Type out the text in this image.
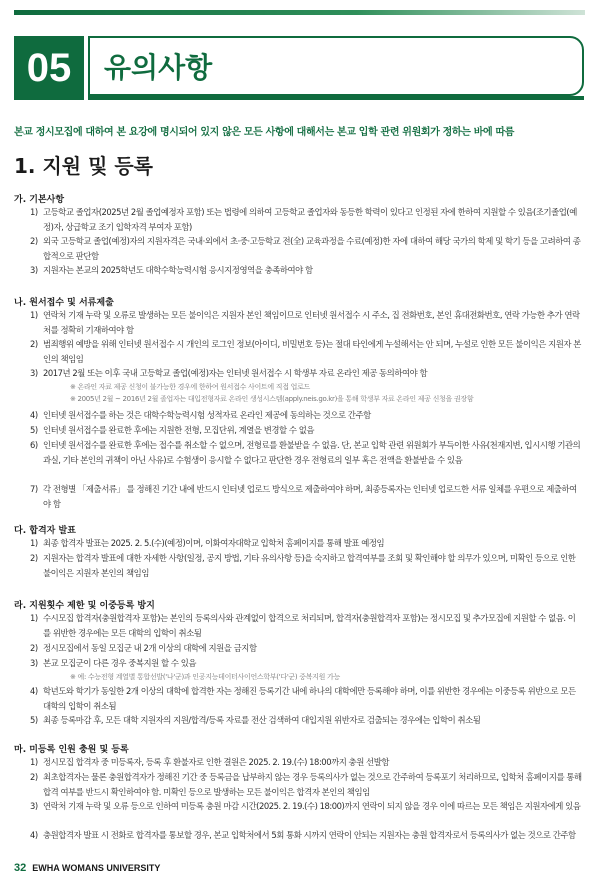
05	유의사항
본교 정시모집에 대하여 본 요강에 명시되어 있지 않은 모든 사항에 대해서는 본교 입학 관련 위원회가 정하는 바에 따름
1. 지원 및 등록
가. 기본사항
1) 고등학교 졸업자(2025년 2월 졸업예정자 포함) 또는 법령에 의하여 고등학교 졸업자와 동등한 학력이 있다고 인정된 자에 한하여 지원할 수 있음(조기졸업(예정)자, 상급학교 조기 입학자격 부여자 포함)
2) 외국 고등학교 졸업(예정)자의 지원자격은 국내·외에서 초·중·고등학교 전(全) 교육과정을 수료(예정)한 자에 대하여 해당 국가의 학제 및 학기 등을 고려하여 종합적으로 판단함
3) 지원자는 본교의 2025학년도 대학수학능력시험 응시지정영역을 충족하여야 함
나. 원서접수 및 서류제출
1) 연락처 기재 누락 및 오류로 발생하는 모든 불이익은 지원자 본인 책임이므로 인터넷 원서접수 시 주소, 집 전화번호, 본인 휴대전화번호, 연락 가능한 추가 연락처를 정확히 기재하여야 함
2) 범죄행위 예방을 위해 인터넷 원서접수 시 개인의 로그인 정보(아이디, 비밀번호 등)는 절대 타인에게 누설해서는 안 되며, 누설로 인한 모든 불이익은 지원자 본인의 책임임
3) 2017년 2월 또는 이후 국내 고등학교 졸업(예정)자는 인터넷 원서접수 시 학생부 자료 온라인 제공 동의하여야 함
※ 온라인 자료 제공 신청이 불가능한 경우에 한하여 원서접수 사이트에 직접 업로드
※ 2005년 2월 ~ 2016년 2월 졸업자는 대입전형자료 온라인 생성시스템(apply.neis.go.kr)을 통해 학생부 자료 온라인 제공 신청을 권장함
4) 인터넷 원서접수를 하는 것은 대학수학능력시험 성적자료 온라인 제공에 동의하는 것으로 간주함
5) 인터넷 원서접수를 완료한 후에는 지원한 전형, 모집단위, 계열을 변경할 수 없음
6) 인터넷 원서접수를 완료한 후에는 접수를 취소할 수 없으며, 전형료를 환불받을 수 없음. 단, 본교 입학 관련 위원회가 부득이한 사유(천재지변, 입시시행 기관의 과실, 기타 본인의 귀책이 아닌 사유)로 수험생이 응시할 수 없다고 판단한 경우 전형료의 일부 혹은 전액을 환불받을 수 있음
7) 각 전형별 「제출서류」 를 정해진 기간 내에 반드시 인터넷 업로드 방식으로 제출하여야 하며, 최종등록자는 인터넷 업로드한 서류 일체를 우편으로 제출하여야 함
다. 합격자 발표
1) 최종 합격자 발표는 2025. 2. 5.(수)(예정)이며, 이화여자대학교 입학처 홈페이지를 통해 발표 예정임
2) 지원자는 합격자 발표에 대한 자세한 사항(일정, 공지 방법, 기타 유의사항 등)을 숙지하고 합격여부를 조회 및 확인해야 할 의무가 있으며, 미확인 등으로 인한 불이익은 지원자 본인의 책임임
라. 지원횟수 제한 및 이중등록 방지
1) 수시모집 합격자(충원합격자 포함)는 본인의 등록의사와 관계없이 합격으로 처리되며, 합격자(충원합격자 포함)는 정시모집 및 추가모집에 지원할 수 없음. 이를 위반한 경우에는 모든 대학의 입학이 취소됨
2) 정시모집에서 동일 모집군 내 2개 이상의 대학에 지원을 금지함
3) 본교 모집군이 다른 경우 중복지원 할 수 있음
※ 예: 수능전형 계열별 통합선발('나'군)과 인공지능데이터사이언스학부('다'군) 중복지원 가능
4) 학년도와 학기가 동일한 2개 이상의 대학에 합격한 자는 정해진 등록기간 내에 하나의 대학에만 등록해야 하며, 이를 위반한 경우에는 이중등록 위반으로 모든 대학의 입학이 취소됨
5) 최종 등록마감 후, 모든 대학 지원자의 지원/합격/등록 자료를 전산 검색하여 대입지원 위반자로 검출되는 경우에는 입학이 취소됨
마. 미등록 인원 충원 및 등록
1) 정시모집 합격자 중 미등록자, 등록 후 환불자로 인한 결원은 2025. 2. 19.(수) 18:00까지 충원 선발함
2) 최초합격자는 물론 충원합격자가 정해진 기간 중 등록금을 납부하지 않는 경우 등록의사가 없는 것으로 간주하여 등록포기 처리하므로, 입학처 홈페이지를 통해 합격 여부를 반드시 확인하여야 함. 미확인 등으로 발생하는 모든 불이익은 합격자 본인의 책임임
3) 연락처 기재 누락 및 오류 등으로 인하여 미등록 충원 마감 시간(2025. 2. 19.(수) 18:00)까지 연락이 되지 않을 경우 이에 따르는 모든 책임은 지원자에게 있음
4) 충원합격자 발표 시 전화로 합격자를 통보할 경우, 본교 입학처에서 5회 통화 시까지 연락이 안되는 지원자는 충원 합격자로서 등록의사가 없는 것으로 간주함
32 EWHA WOMANS UNIVERSITY
